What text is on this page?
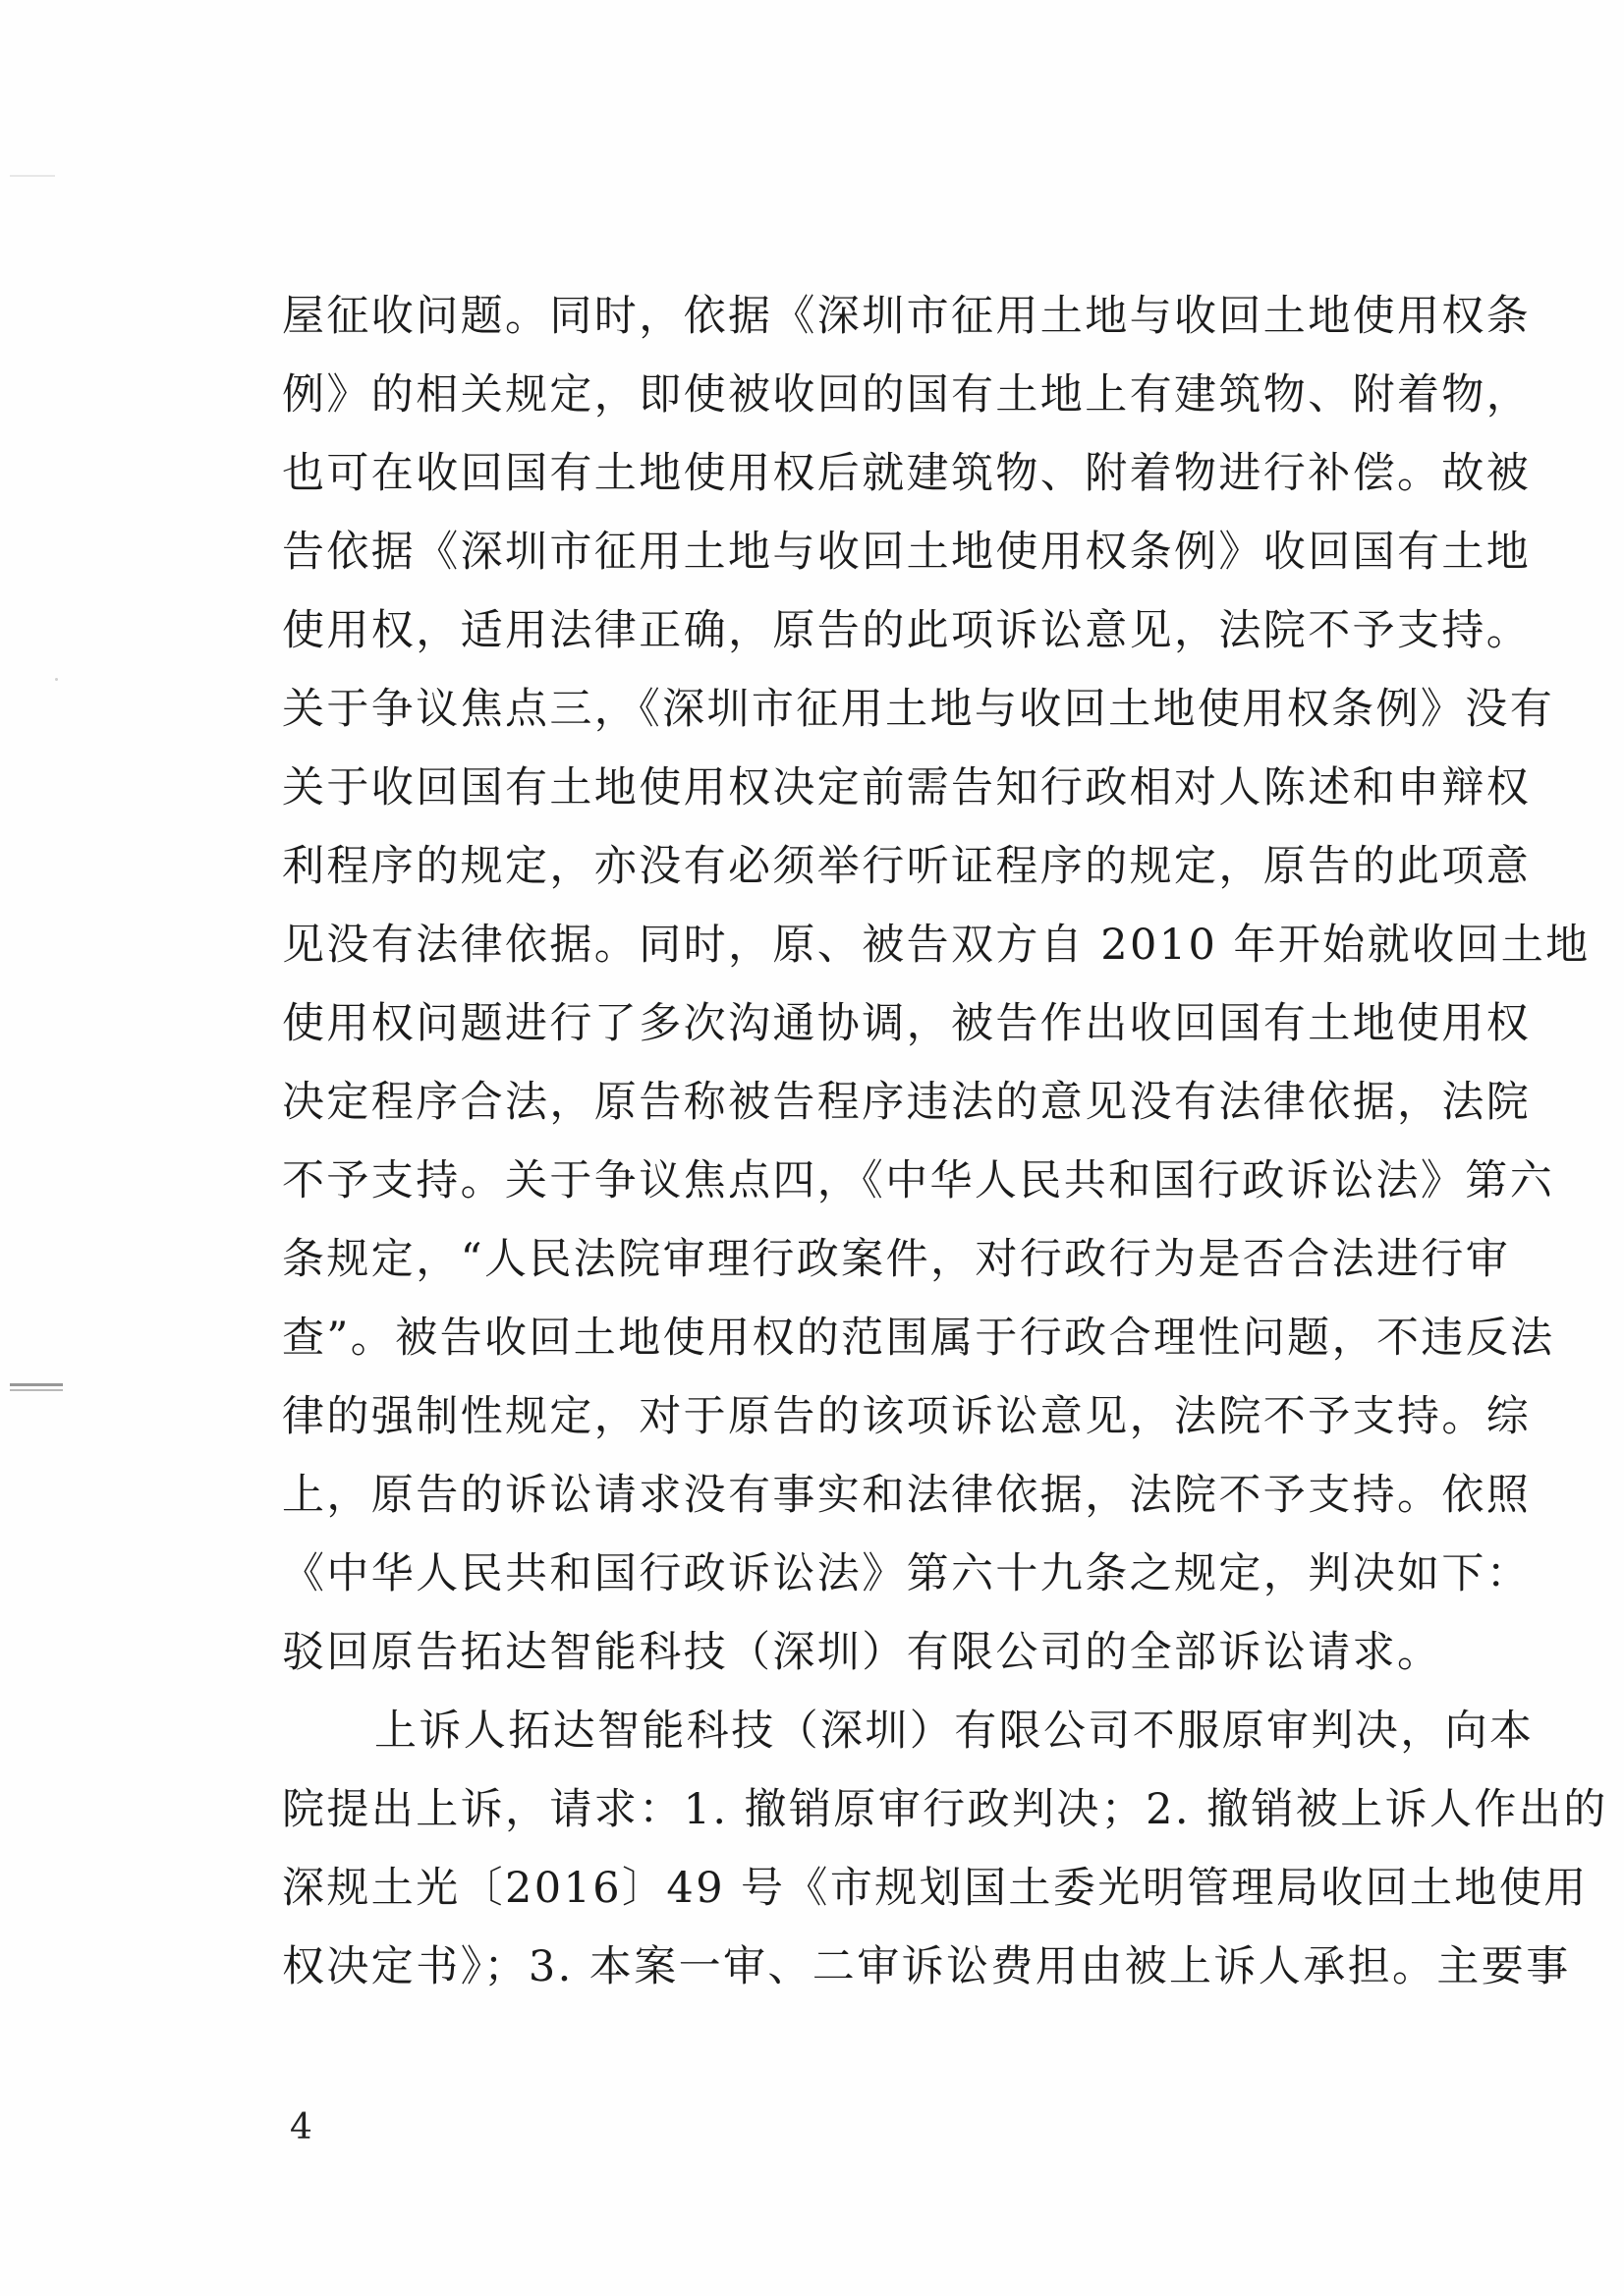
屋征收问题。同时，依据《深圳市征用土地与收回土地使用权条
例》的相关规定，即使被收回的国有土地上有建筑物、附着物，
也可在收回国有土地使用权后就建筑物、附着物进行补偿。故被
告依据《深圳市征用土地与收回土地使用权条例》收回国有土地
使用权，适用法律正确，原告的此项诉讼意见，法院不予支持。
关于争议焦点三，《深圳市征用土地与收回土地使用权条例》没有
关于收回国有土地使用权决定前需告知行政相对人陈述和申辩权
利程序的规定，亦没有必须举行听证程序的规定，原告的此项意
见没有法律依据。同时，原、被告双方自 2010 年开始就收回土地
使用权问题进行了多次沟通协调，被告作出收回国有土地使用权
决定程序合法，原告称被告程序违法的意见没有法律依据，法院
不予支持。关于争议焦点四，《中华人民共和国行政诉讼法》第六
条规定，“人民法院审理行政案件，对行政行为是否合法进行审
查”。被告收回土地使用权的范围属于行政合理性问题，不违反法
律的强制性规定，对于原告的该项诉讼意见，法院不予支持。综
上，原告的诉讼请求没有事实和法律依据，法院不予支持。依照
《中华人民共和国行政诉讼法》第六十九条之规定，判决如下：
驳回原告拓达智能科技（深圳）有限公司的全部诉讼请求。
上诉人拓达智能科技（深圳）有限公司不服原审判决，向本
院提出上诉，请求：1. 撤销原审行政判决；2. 撤销被上诉人作出的
深规土光〔2016〕49 号《市规划国土委光明管理局收回土地使用
权决定书》；3. 本案一审、二审诉讼费用由被上诉人承担。主要事
4
